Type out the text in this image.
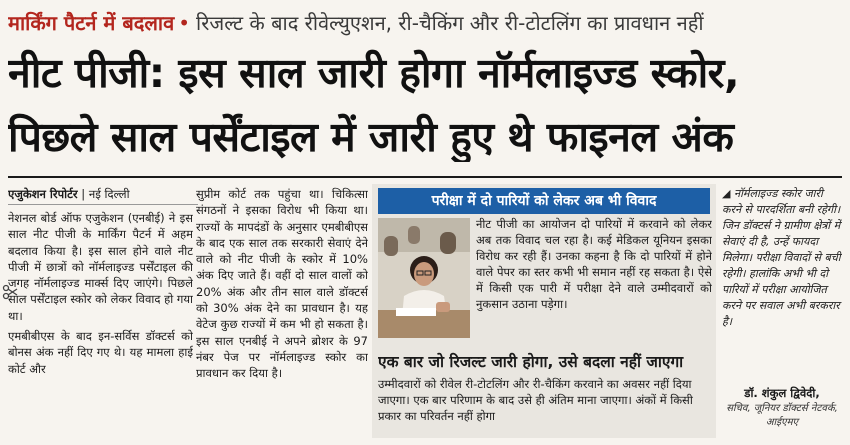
मार्किंग पैटर्न में बदलाव • रिजल्ट के बाद रीवेल्युएशन, री-चैकिंग और री-टोटलिंग का प्रावधान नहीं
नीट पीजी: इस साल जारी होगा नॉर्मलाइज्ड स्कोर,
पिछले साल पर्सेंटाइल में जारी हुए थे फाइनल अंक
एजुकेशन रिपोर्टर | नई दिल्ली

नेशनल बोर्ड ऑफ एजुकेशन (एनबीई) ने इस साल नीट पीजी के मार्किंग पैटर्न में अहम बदलाव किया है। इस साल होने वाले नीट पीजी में छात्रों को नॉर्मलाइज्ड पर्सेंटाइल की जगह नॉर्मलाइज्ड मार्क्स दिए जाएंगे। पिछले साल पर्सेंटाइल स्कोर को लेकर विवाद हो गया था।

एमबीबीएस के बाद इन-सर्विस डॉक्टर्स को बोनस अंक नहीं दिए गए थे। यह मामला हाई कोर्ट और

सुप्रीम कोर्ट तक पहुंचा था। चिकित्सा संगठनों ने इसका विरोध भी किया था। राज्यों के मापदंडों के अनुसार एमबीबीएस के बाद एक साल तक सरकारी सेवाएं देने वाले को नीट पीजी के स्कोर में 10% अंक दिए जाते हैं। वहीं दो साल वालों को 20% अंक और तीन साल वाले डॉक्टर्स को 30% अंक देने का प्रावधान है। यह वेटेज कुछ राज्यों में कम भी हो सकता है। इस साल एनबीई ने अपने ब्रोशर के 97 नंबर पेज पर नॉर्मलाइज्ड स्कोर का प्रावधान कर दिया है।

परीक्षा में दो पारियों को लेकर अब भी विवाद
नीट पीजी का आयोजन दो पारियों में करवाने को लेकर अब तक विवाद चल रहा है। कई मेडिकल यूनियन इसका विरोध कर रही हैं। उनका कहना है कि दो पारियों में होने वाले पेपर का स्तर कभी भी समान नहीं रह सकता है। ऐसे में किसी एक पारी में परीक्षा देने वाले उम्मीदवारों को नुकसान उठाना पड़ेगा।
एक बार जो रिजल्ट जारी होगा, उसे बदला नहीं जाएगा
उम्मीदवारों को रीवेल री-टोटलिंग और री-चैकिंग करवाने का अवसर नहीं दिया जाएगा। एक बार परिणाम के बाद उसे ही अंतिम माना जाएगा। अंकों में किसी प्रकार का परिवर्तन नहीं होगा
◢ नॉर्मलाइज्ड स्कोर जारी करने से पारदर्शिता बनी रहेगी। जिन डॉक्टर्स ने ग्रामीण क्षेत्रों में सेवाएं दी है, उन्हें फायदा मिलेगा। परीक्षा विवादों से बची रहेगी। हालांकि अभी भी दो पारियों में परीक्षा आयोजित करने पर सवाल अभी बरकरार है।
डॉ. शंकुल द्विवेदी,
सचिव, जूनियर डॉक्टर्स नेटवर्क, आईएमए
